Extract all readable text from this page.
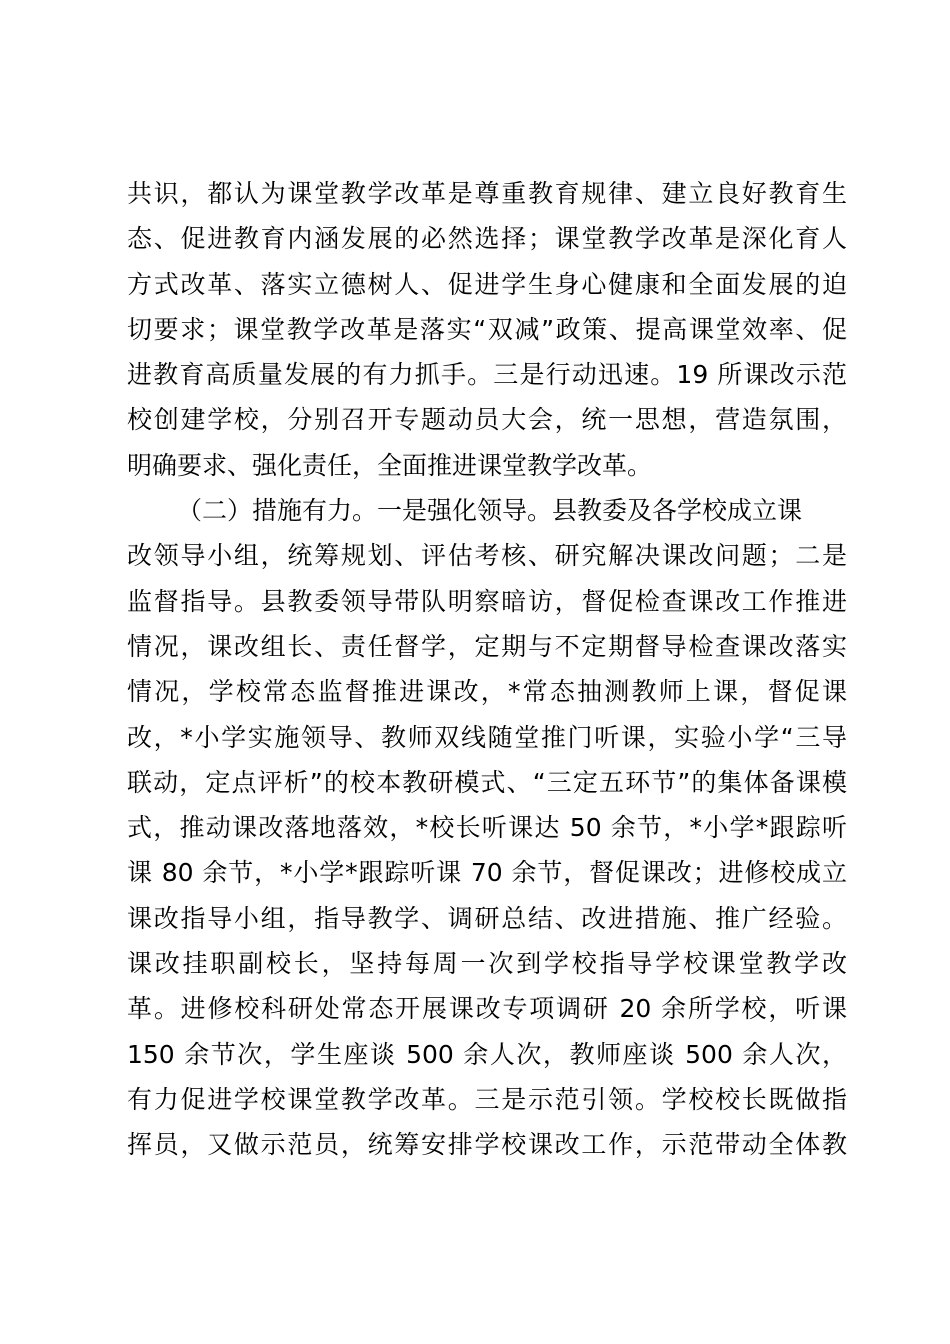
共识，都认为课堂教学改革是尊重教育规律、建立良好教育生
态、促进教育内涵发展的必然选择；课堂教学改革是深化育人
方式改革、落实立德树人、促进学生身心健康和全面发展的迫
切要求；课堂教学改革是落实“双减”政策、提高课堂效率、促
进教育高质量发展的有力抓手。三是行动迅速。19 所课改示范
校创建学校，分别召开专题动员大会，统一思想，营造氛围，
明确要求、强化责任，全面推进课堂教学改革。
（二）措施有力。一是强化领导。县教委及各学校成立课
改领导小组，统筹规划、评估考核、研究解决课改问题；二是
监督指导。县教委领导带队明察暗访，督促检查课改工作推进
情况，课改组长、责任督学，定期与不定期督导检查课改落实
情况，学校常态监督推进课改，*常态抽测教师上课，督促课
改，*小学实施领导、教师双线随堂推门听课，实验小学“三导
联动，定点评析”的校本教研模式、“三定五环节”的集体备课模
式，推动课改落地落效，*校长听课达 50 余节，*小学*跟踪听
课 80 余节，*小学*跟踪听课 70 余节，督促课改；进修校成立
课改指导小组，指导教学、调研总结、改进措施、推广经验。
课改挂职副校长，坚持每周一次到学校指导学校课堂教学改
革。进修校科研处常态开展课改专项调研 20 余所学校，听课
150 余节次，学生座谈 500 余人次，教师座谈 500 余人次，
有力促进学校课堂教学改革。三是示范引领。学校校长既做指
挥员，又做示范员，统筹安排学校课改工作，示范带动全体教
